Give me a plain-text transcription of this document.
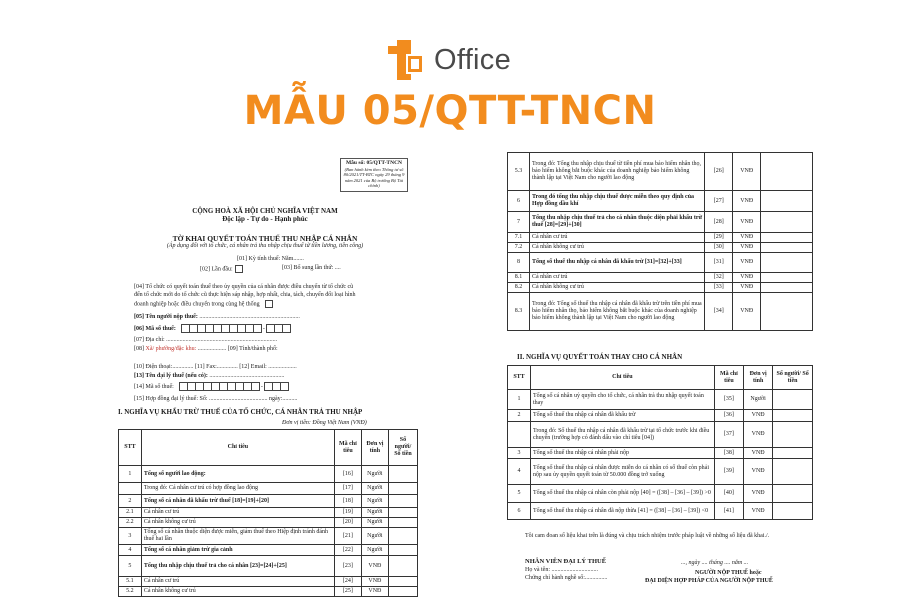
Office
MẪU 05/QTT-TNCN
Mẫu số: 05/QTT-TNCN
(Ban hành kèm theo Thông tư số 80/2021/TT-BTC ngày 29 tháng 9 năm 2021 của Bộ trưởng Bộ Tài chính)
CỘNG HOÀ XÃ HỘI CHỦ NGHĨA VIỆT NAM
Độc lập - Tự do - Hạnh phúc
TỜ KHAI QUYẾT TOÁN THUẾ THU NHẬP CÁ NHÂN
(Áp dụng đối với tổ chức, cá nhân trả thu nhập chịu thuế từ tiền lương, tiền công)
[01] Kỳ tính thuế: Năm.......
[02] Lần đầu:	[03] Bổ sung lần thứ: ....
[04] Tổ chức có quyết toán thuế theo ủy quyền của cá nhân được điều chuyển từ tổ chức cũ
đến tổ chức mới do tổ chức cũ thực hiện sáp nhập, hợp nhất, chia, tách, chuyển đổi loại hình
doanh nghiệp hoặc điều chuyển trong cùng hệ thống
[05] Tên người nộp thuế: ...................................................................
[06] Mã số thuế:	-
[07] Địa chỉ: ..........................................................................
[08] Xã/ phường/đặc khu: ................... [09] Tỉnh/thành phố:
[10] Điện thoại:.............. [11] Fax:.............. [12] Email: ...................
[13] Tên đại lý thuế (nếu có): ..................................................
[14] Mã số thuế:	-
[15] Hợp đồng đại lý thuế: Số: ....................................... ngày:..........
I. NGHĨA VỤ KHẤU TRỪ THUẾ CỦA TỔ CHỨC, CÁ NHÂN TRẢ THU NHẬP
Đơn vị tiền: Đồng Việt Nam (VNĐ)
STT	Chỉ tiêu	Mã chỉ tiêu	Đơn vị tính	Số người/ Số tiền
1	Tổng số người lao động:	[16]	Người	
	Trong đó: Cá nhân cư trú có hợp đồng lao động	[17]	Người	
2	Tổng số cá nhân đã khấu trừ thuế [18]=[19]+[20]	[18]	Người	
2.1	Cá nhân cư trú	[19]	Người	
2.2	Cá nhân không cư trú	[20]	Người	
3	Tổng số cá nhân thuộc diện được miễn, giảm thuế theo Hiệp định tránh đánh thuế hai lần	[21]	Người	
4	Tổng số cá nhân giảm trừ gia cảnh	[22]	Người	
5	Tổng thu nhập chịu thuế trả cho cá nhân [23]=[24]+[25]	[23]	VNĐ	
5.1	Cá nhân cư trú	[24]	VNĐ	
5.2	Cá nhân không cư trú	[25]	VNĐ	
5.3	Trong đó: Tổng thu nhập chịu thuế từ tiền phí mua bảo hiểm nhân thọ, bảo hiểm không bắt buộc khác của doanh nghiệp bảo hiểm không thành lập tại Việt Nam cho người lao động	[26]	VNĐ	
6	Trong đó tổng thu nhập chịu thuế được miễn theo quy định của Hợp đồng dầu khí	[27]	VNĐ	
7	Tổng thu nhập chịu thuế trả cho cá nhân thuộc diện phải khấu trừ thuế [28]=[29]+[30]	[28]	VNĐ	
7.1	Cá nhân cư trú	[29]	VNĐ	
7.2	Cá nhân không cư trú	[30]	VNĐ	
8	Tổng số thuế thu nhập cá nhân đã khấu trừ [31]=[32]+[33]	[31]	VNĐ	
8.1	Cá nhân cư trú	[32]	VNĐ	
8.2	Cá nhân không cư trú	[33]	VNĐ	
8.3	Trong đó: Tổng số thuế thu nhập cá nhân đã khấu trừ trên tiền phí mua bảo hiểm nhân thọ, bảo hiểm không bắt buộc khác của doanh nghiệp bảo hiểm không thành lập tại Việt Nam cho người lao động	[34]	VNĐ	
II. NGHĨA VỤ QUYẾT TOÁN THAY CHO CÁ NHÂN
STT	Chỉ tiêu	Mã chỉ tiêu	Đơn vị tính	Số người/ Số tiền
1	Tổng số cá nhân uỷ quyền cho tổ chức, cá nhân trả thu nhập quyết toán thay	[35]	Người	
2	Tổng số thuế thu nhập cá nhân đã khấu trừ	[36]	VNĐ	
	Trong đó: Số thuế thu nhập cá nhân đã khấu trừ tại tổ chức trước khi điều chuyển (trường hợp có đánh dấu vào chỉ tiêu [04])	[37]	VNĐ	
3	Tổng số thuế thu nhập cá nhân phải nộp	[38]	VNĐ	
4	Tổng số thuế thu nhập cá nhân được miễn do cá nhân có số thuế còn phải nộp sau ủy quyền quyết toán từ 50.000 đồng trở xuống	[39]	VNĐ	
5	Tổng số thuế thu nhập cá nhân còn phải nộp [40] = ([38] – [36] – [39]) >0	[40]	VNĐ	
6	Tổng số thuế thu nhập cá nhân đã nộp thừa [41] = ([38] – [36] – [39]) <0	[41]	VNĐ	
Tôi cam đoan số liệu khai trên là đúng và chịu trách nhiệm trước pháp luật về những số liệu đã khai./.
NHÂN VIÊN ĐẠI LÝ THUẾ
Họ và tên: ...............................
Chứng chỉ hành nghề số:...............
..., ngày .... tháng .... năm ...
NGƯỜI NỘP THUẾ hoặc
ĐẠI DIỆN HỢP PHÁP CỦA NGƯỜI NỘP THUẾ
